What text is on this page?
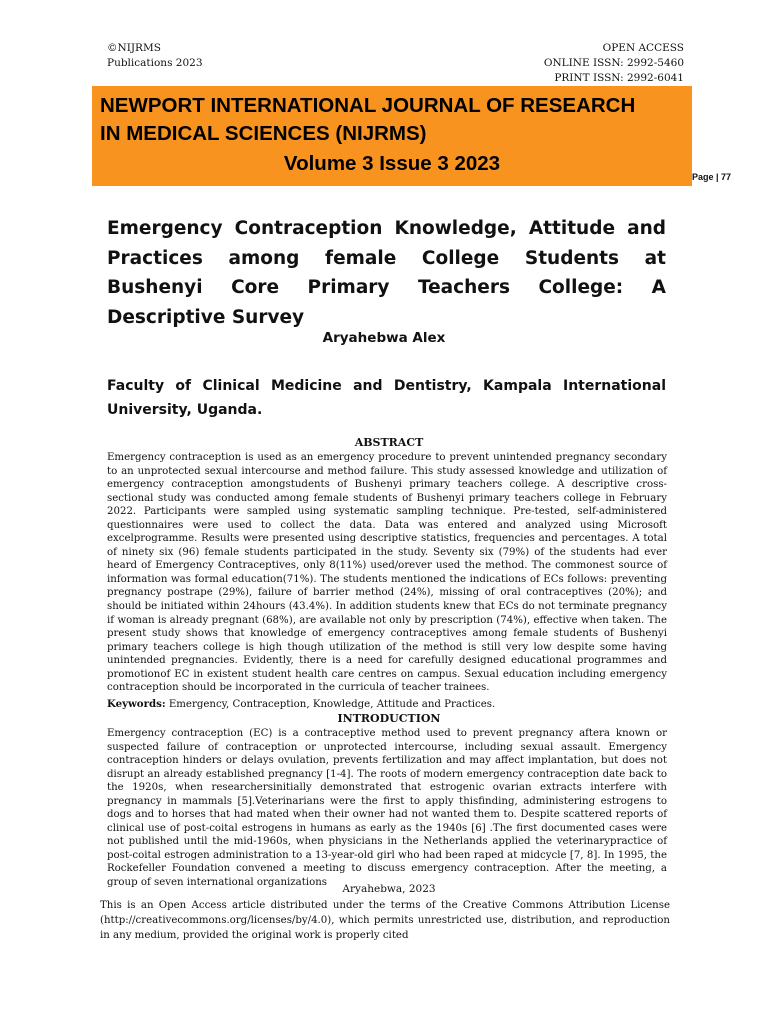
©NIJRMS
Publications 2023
OPEN ACCESS
ONLINE ISSN: 2992-5460
PRINT ISSN: 2992-6041
NEWPORT INTERNATIONAL JOURNAL OF RESEARCH
IN MEDICAL SCIENCES (NIJRMS)
Volume 3 Issue 3 2023
Page | 77
Emergency Contraception Knowledge, Attitude and Practices among female College Students at Bushenyi Core Primary Teachers College: A Descriptive Survey
Aryahebwa Alex
Faculty of Clinical Medicine and Dentistry, Kampala International University, Uganda.
ABSTRACT

Emergency contraception is used as an emergency procedure to prevent unintended pregnancy secondary to an unprotected sexual intercourse and method failure. This study assessed knowledge and utilization of emergency contraception amongstudents of Bushenyi primary teachers college. A descriptive cross-sectional study was conducted among female students of Bushenyi primary teachers college in February 2022. Participants were sampled using systematic sampling technique. Pre-tested, self-administered questionnaires were used to collect the data. Data was entered and analyzed using Microsoft excelprogramme. Results were presented using descriptive statistics, frequencies and percentages. A total of ninety six (96) female students participated in the study. Seventy six (79%) of the students had ever heard of Emergency Contraceptives, only 8(11%) used/orever used the method. The commonest source of information was formal education(71%). The students mentioned the indications of ECs follows: preventing pregnancy postrape (29%), failure of barrier method (24%), missing of oral contraceptives (20%); and should be initiated within 24hours (43.4%). In addition students knew that ECs do not terminate pregnancy if woman is already pregnant (68%), are available not only by prescription (74%), effective when taken. The present study shows that knowledge of emergency contraceptives among female students of Bushenyi primary teachers college is high though utilization of the method is still very low despite some having unintended pregnancies. Evidently, there is a need for carefully designed educational programmes and promotionof EC in existent student health care centres on campus. Sexual education including emergency contraception should be incorporated in the curricula of teacher trainees.

Keywords: Emergency, Contraception, Knowledge, Attitude and Practices.

INTRODUCTION

Emergency contraception (EC) is a contraceptive method used to prevent pregnancy aftera known or suspected failure of contraception or unprotected intercourse, including sexual assault. Emergency contraception hinders or delays ovulation, prevents fertilization and may affect implantation, but does not disrupt an already established pregnancy [1-4]. The roots of modern emergency contraception date back to the 1920s, when researchersinitially demonstrated that estrogenic ovarian extracts interfere with pregnancy in mammals [5].Veterinarians were the first to apply thisfinding, administering estrogens to dogs and to horses that had mated when their owner had not wanted them to. Despite scattered reports of clinical use of post-coital estrogens in humans as early as the 1940s [6] .The first documented cases were not published until the mid-1960s, when physicians in the Netherlands applied the veterinarypractice of post-coital estrogen administration to a 13-year-old girl who had been raped at midcycle [7, 8]. In 1995, the Rockefeller Foundation convened a meeting to discuss emergency contraception. After the meeting, a group of seven international organizations

Aryahebwa, 2023

This is an Open Access article distributed under the terms of the Creative Commons Attribution License (http://creativecommons.org/licenses/by/4.0), which permits unrestricted use, distribution, and reproduction in any medium, provided the original work is properly cited
